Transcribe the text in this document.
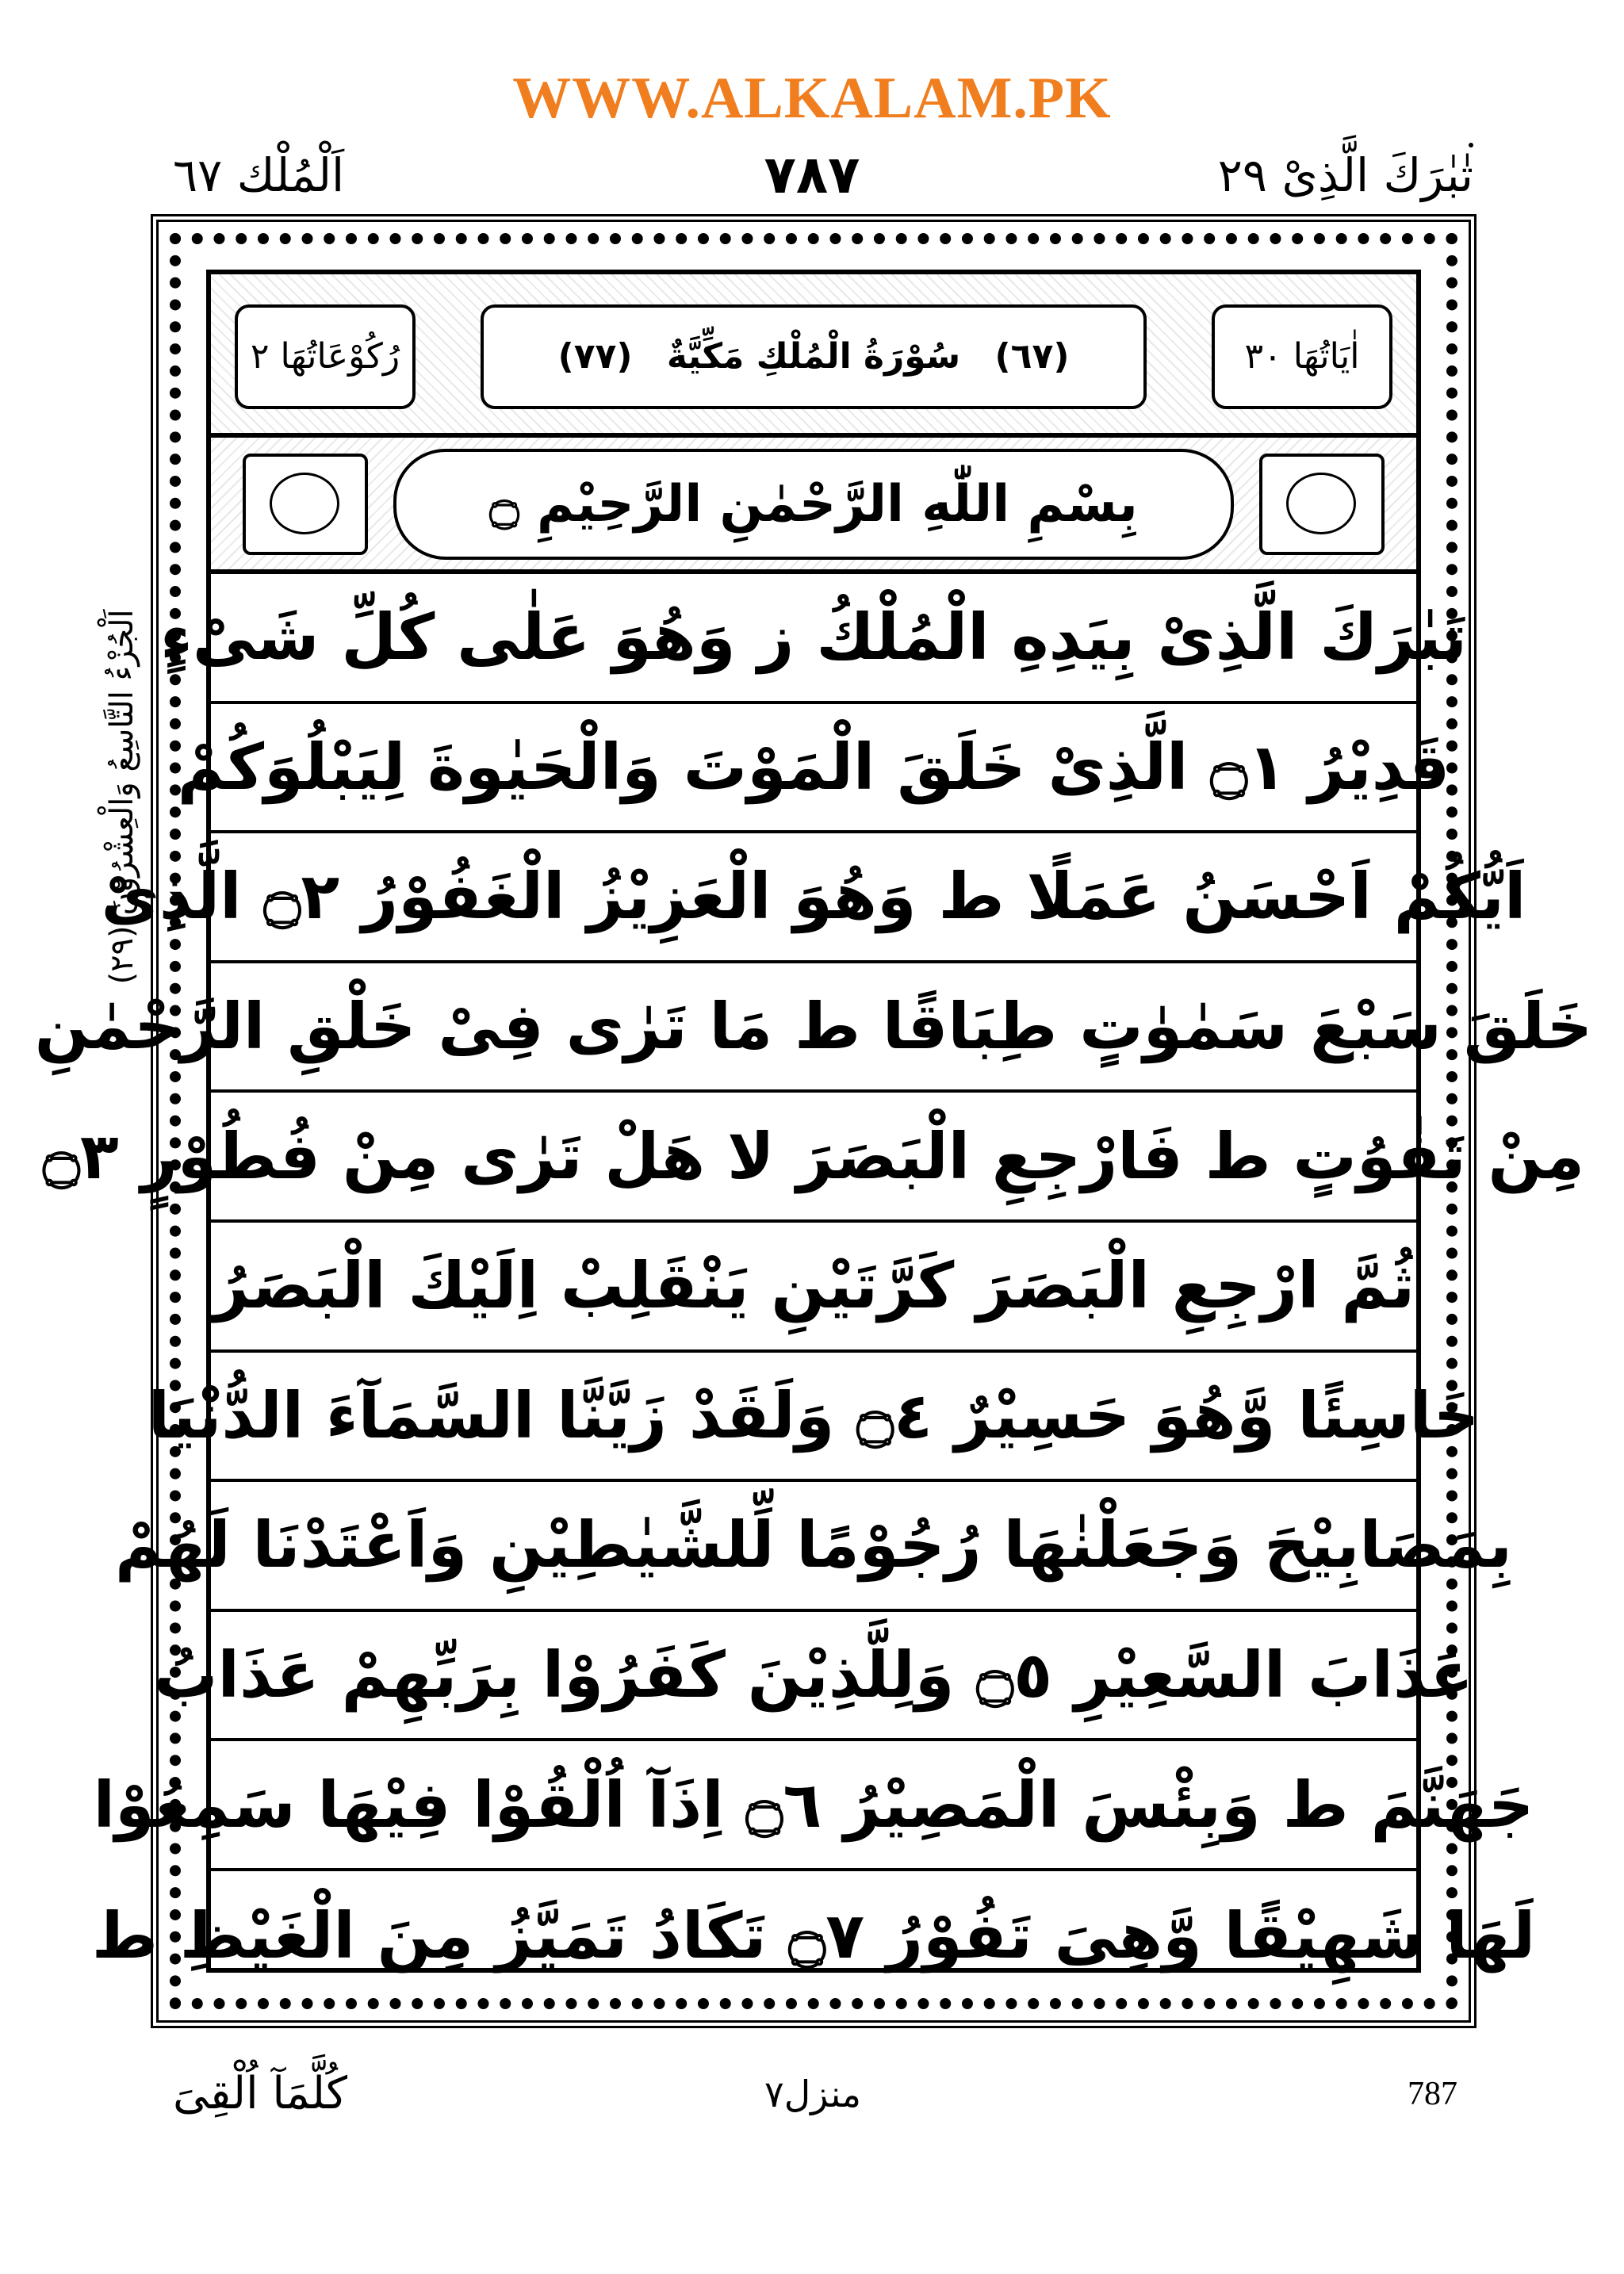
WWW.ALKALAM.PK
تٰبٰرَكَ الَّذِیْ ٢٩
٧٨٧
اَلْمُلْك ٦٧
اَلْجُزْءُ التَّاسِعُ وَالْعِشْرُوْنَ (٢٩)
اٰيَاتُهَا ٣٠
(٦٧) سُوْرَةُ الْمُلْكِ مَكِّيَّةٌ (٧٧)
رُكُوْعَاتُهَا ٢
بِسْمِ اللّٰهِ الرَّحْمٰنِ الرَّحِيْمِ ۝
تَبٰرَكَ الَّذِیْ بِیَدِهِ الْمُلْكُ ز وَهُوَ عَلٰی كُلِّ شَیْءٍ
قَدِیْرُ ۝١ الَّذِیْ خَلَقَ الْمَوْتَ وَالْحَیٰوةَ لِیَبْلُوَكُمْ
اَیُّكُمْ اَحْسَنُ عَمَلًا ط وَهُوَ الْعَزِیْزُ الْغَفُوْرُ ۝٢ الَّذِیْ
خَلَقَ سَبْعَ سَمٰوٰتٍ طِبَاقًا ط مَا تَرٰی فِیْ خَلْقِ الرَّحْمٰنِ
مِنْ تَفٰوُتٍ ط فَارْجِعِ الْبَصَرَ لا هَلْ تَرٰی مِنْ فُطُوْرٍ ۝٣
ثُمَّ ارْجِعِ الْبَصَرَ كَرَّتَیْنِ یَنْقَلِبْ اِلَیْكَ الْبَصَرُ
خَاسِئًا وَّهُوَ حَسِیْرٌ ۝٤ وَلَقَدْ زَیَّنَّا السَّمَآءَ الدُّنْیَا
بِمَصَابِیْحَ وَجَعَلْنٰهَا رُجُوْمًا لِّلشَّیٰطِیْنِ وَاَعْتَدْنَا لَهُمْ
عَذَابَ السَّعِیْرِ ۝٥ وَلِلَّذِیْنَ كَفَرُوْا بِرَبِّهِمْ عَذَابُ
جَهَنَّمَ ط وَبِئْسَ الْمَصِیْرُ ۝٦ اِذَآ اُلْقُوْا فِیْهَا سَمِعُوْا
لَهَا شَهِیْقًا وَّهِیَ تَفُوْرُ ۝٧ تَكَادُ تَمَیَّزُ مِنَ الْغَیْظِ ط
كُلَّمَآ اُلْقِیَ	منزل۷	787
